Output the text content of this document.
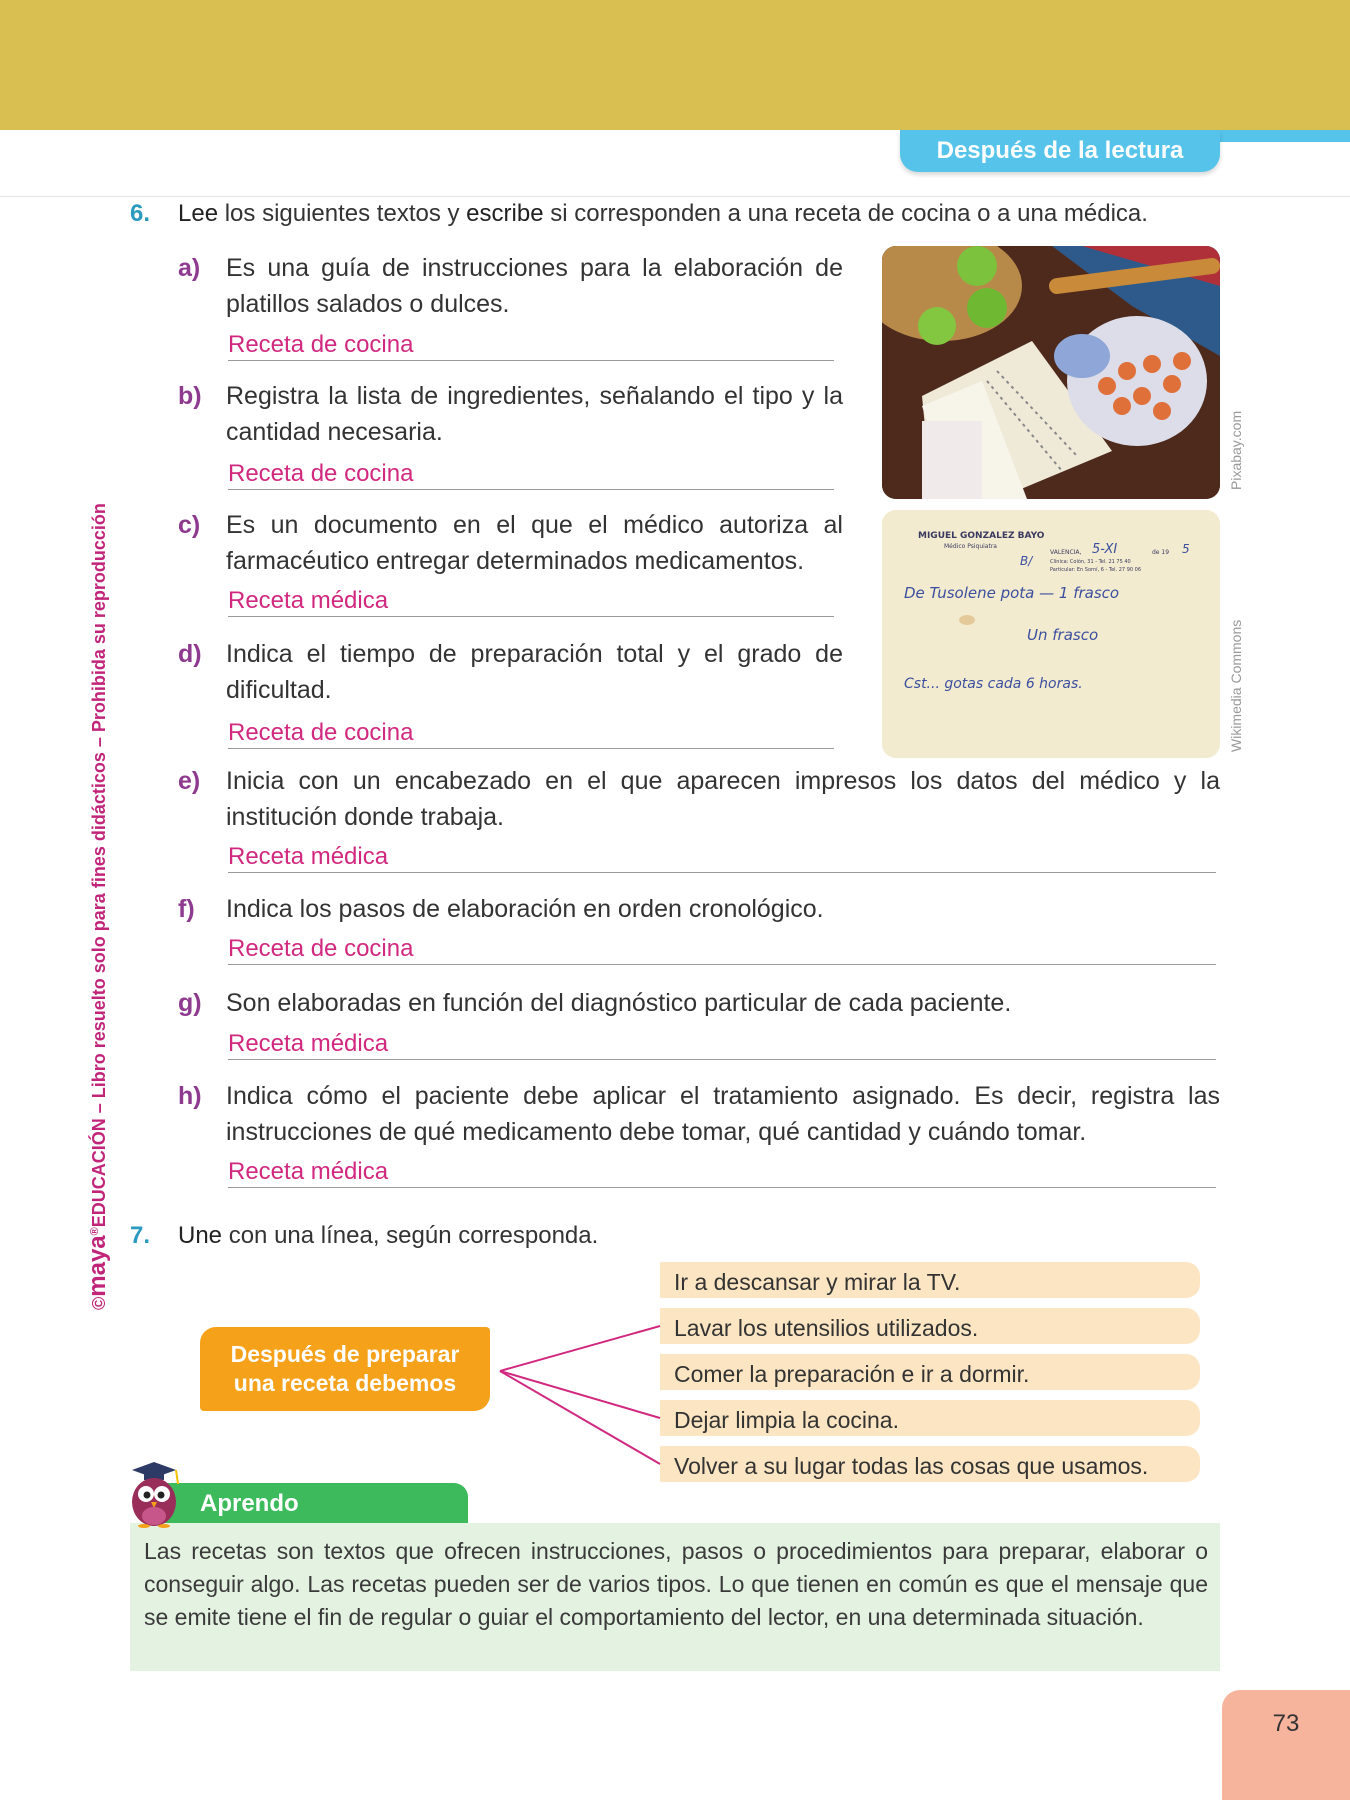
Después de la lectura
©maya®EDUCACIÓN – Libro resuelto solo para fines didácticos – Prohibida su reproducción
6. Lee los siguientes textos y escribe si corresponden a una receta de cocina o a una médica.
a) Es una guía de instrucciones para la elaboración de
platillos salados o dulces.
Receta de cocina
b) Registra la lista de ingredientes, señalando el tipo y la
cantidad necesaria.
Receta de cocina
c) Es un documento en el que el médico autoriza al
farmacéutico entregar determinados medicamentos.
Receta médica
d) Indica el tiempo de preparación total y el grado de
dificultad.
Receta de cocina
Pixabay.com
MIGUEL GONZALEZ BAYO
Médico Psiquiatra
VALENCIA, 5-XI	de 19 5
Clínica: Colón, 31 - Tel. 21 75 40
Particular: En Sorní, 6 - Tel. 27 90 06
B/
De Tusolene pota — 1 frasco
Un frasco
Cst... gotas cada 6 horas.	Wikimedia Commons
e) Inicia con un encabezado en el que aparecen impresos los datos del médico y la
institución donde trabaja.
Receta médica
f) Indica los pasos de elaboración en orden cronológico.
Receta de cocina
g) Son elaboradas en función del diagnóstico particular de cada paciente.
Receta médica
h) Indica cómo el paciente debe aplicar el tratamiento asignado. Es decir, registra las
instrucciones de qué medicamento debe tomar, qué cantidad y cuándo tomar.
Receta médica
7. Une con una línea, según corresponda.
Después de preparar
una receta debemos
Ir a descansar y mirar la TV.
Lavar los utensilios utilizados.
Comer la preparación e ir a dormir.
Dejar limpia la cocina.
Volver a su lugar todas las cosas que usamos.
Aprendo
Las recetas son textos que ofrecen instrucciones, pasos o procedimientos para preparar, elaborar o conseguir algo. Las recetas pueden ser de varios tipos. Lo que tienen en común es que el mensaje que se emite tiene el fin de regular o guiar el comportamiento del lector, en una determinada situación.
73
